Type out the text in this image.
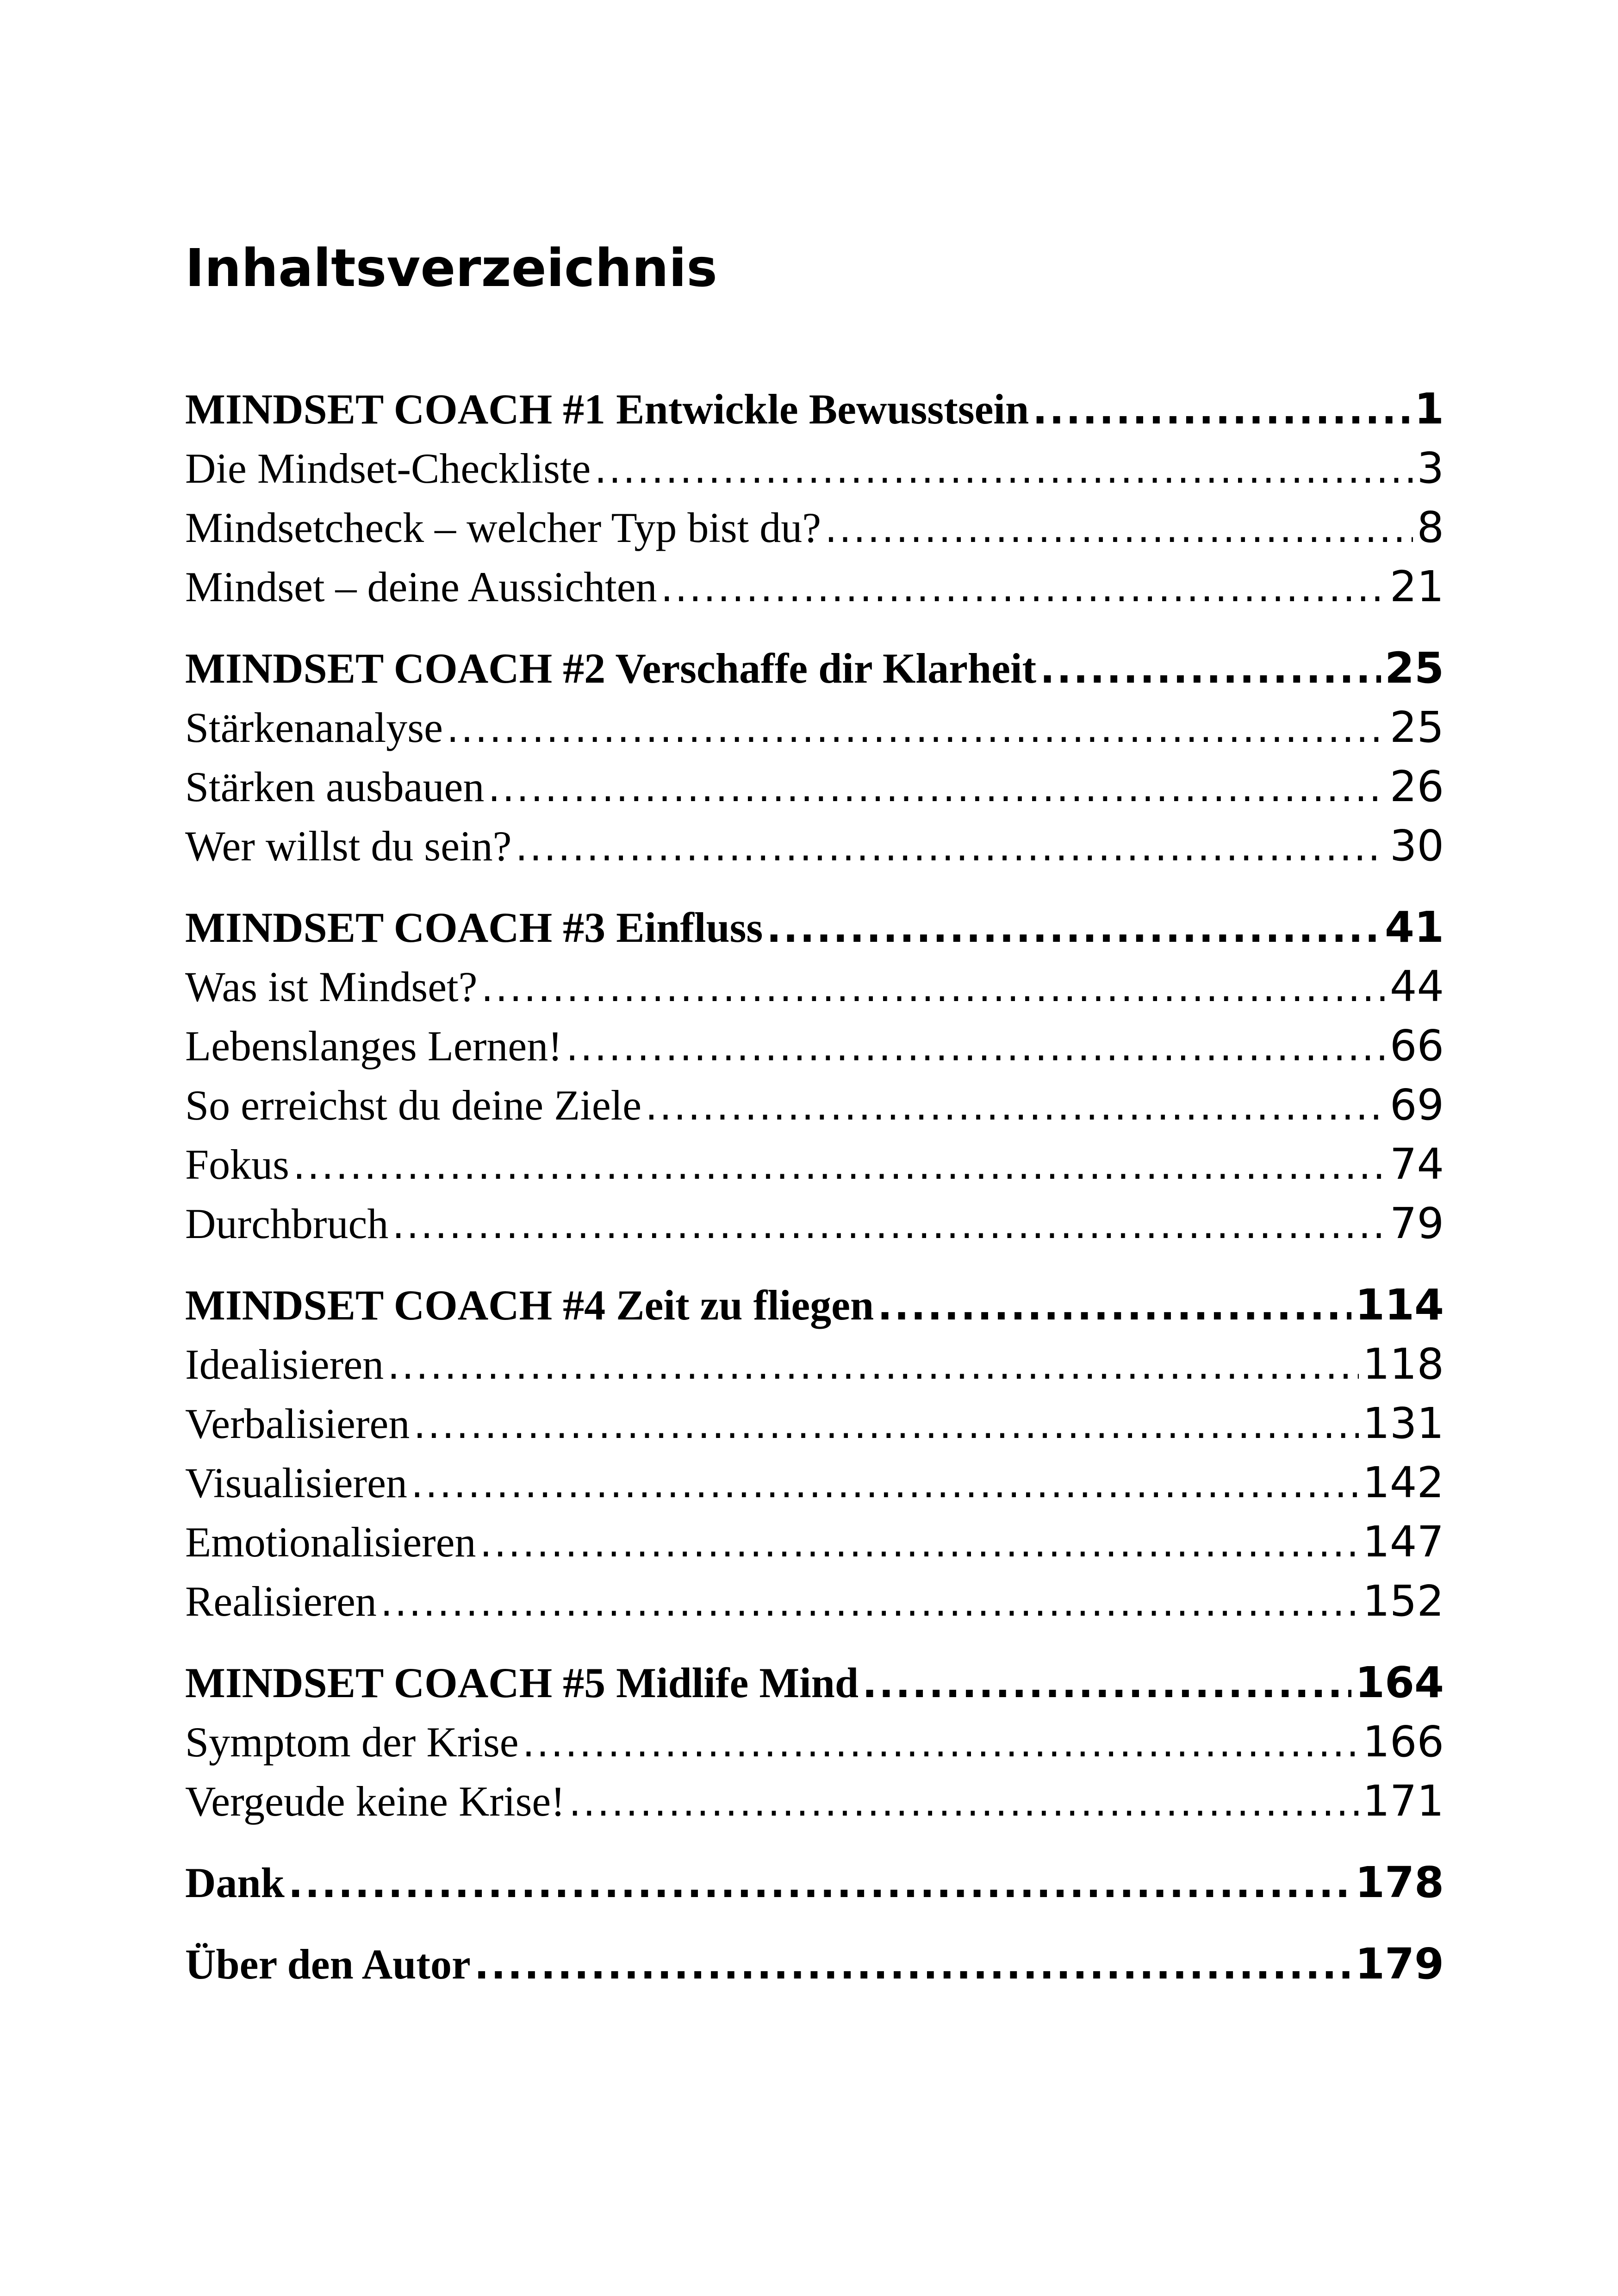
Inhaltsverzeichnis
MINDSET COACH #1 Entwickle Bewusstsein .....	1
Die Mindset-Checkliste .....	3
Mindsetcheck – welcher Typ bist du? .....	8
Mindset – deine Aussichten .....	21
MINDSET COACH #2 Verschaffe dir Klarheit .....	25
Stärkenanalyse .....	25
Stärken ausbauen .....	26
Wer willst du sein? .....	30
MINDSET COACH #3 Einfluss .....	41
Was ist Mindset? .....	44
Lebenslanges Lernen! .....	66
So erreichst du deine Ziele .....	69
Fokus .....	74
Durchbruch .....	79
MINDSET COACH #4 Zeit zu fliegen .....	114
Idealisieren .....	118
Verbalisieren .....	131
Visualisieren .....	142
Emotionalisieren .....	147
Realisieren .....	152
MINDSET COACH #5 Midlife Mind .....	164
Symptom der Krise .....	166
Vergeude keine Krise! .....	171
Dank .....	178
Über den Autor .....	179
